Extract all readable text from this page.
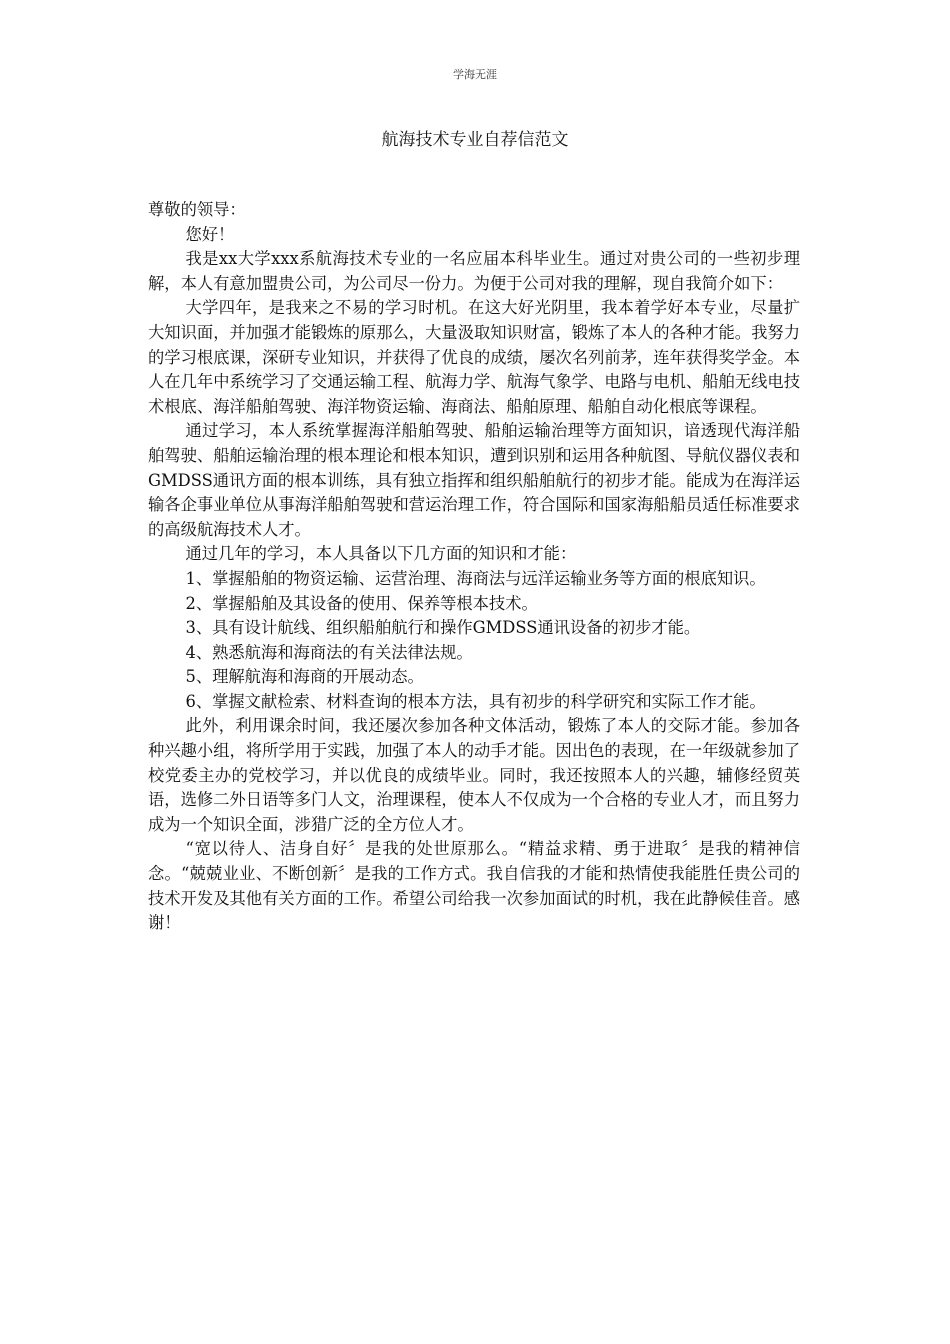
学海无涯
航海技术专业自荐信范文

尊敬的领导：

您好！

我是xx大学xxx系航海技术专业的一名应届本科毕业生。通过对贵公司的一些初步理解，本人有意加盟贵公司，为公司尽一份力。为便于公司对我的理解，现自我简介如下：

大学四年，是我来之不易的学习时机。在这大好光阴里，我本着学好本专业，尽量扩大知识面，并加强才能锻炼的原那么，大量汲取知识财富，锻炼了本人的各种才能。我努力的学习根底课，深研专业知识，并获得了优良的成绩，屡次名列前茅，连年获得奖学金。本人在几年中系统学习了交通运输工程、航海力学、航海气象学、电路与电机、船舶无线电技术根底、海洋船舶驾驶、海洋物资运输、海商法、船舶原理、船舶自动化根底等课程。

通过学习，本人系统掌握海洋船舶驾驶、船舶运输治理等方面知识，谙透现代海洋船舶驾驶、船舶运输治理的根本理论和根本知识，遭到识别和运用各种航图、导航仪器仪表和GMDSS通讯方面的根本训练，具有独立指挥和组织船舶航行的初步才能。能成为在海洋运输各企事业单位从事海洋船舶驾驶和营运治理工作，符合国际和国家海船船员适任标准要求的高级航海技术人才。

通过几年的学习，本人具备以下几方面的知识和才能：

1、掌握船舶的物资运输、运营治理、海商法与远洋运输业务等方面的根底知识。

2、掌握船舶及其设备的使用、保养等根本技术。

3、具有设计航线、组织船舶航行和操作GMDSS通讯设备的初步才能。

4、熟悉航海和海商法的有关法律法规。

5、理解航海和海商的开展动态。

6、掌握文献检索、材料查询的根本方法，具有初步的科学研究和实际工作才能。

此外，利用课余时间，我还屡次参加各种文体活动，锻炼了本人的交际才能。参加各种兴趣小组，将所学用于实践，加强了本人的动手才能。因出色的表现，在一年级就参加了校党委主办的党校学习，并以优良的成绩毕业。同时，我还按照本人的兴趣，辅修经贸英语，选修二外日语等多门人文，治理课程，使本人不仅成为一个合格的专业人才，而且努力成为一个知识全面，涉猎广泛的全方位人才。

“宽以待人、洁身自好〞是我的处世原那么。“精益求精、勇于进取〞是我的精神信念。“兢兢业业、不断创新〞是我的工作方式。我自信我的才能和热情使我能胜任贵公司的技术开发及其他有关方面的工作。希望公司给我一次参加面试的时机，我在此静候佳音。感谢！
